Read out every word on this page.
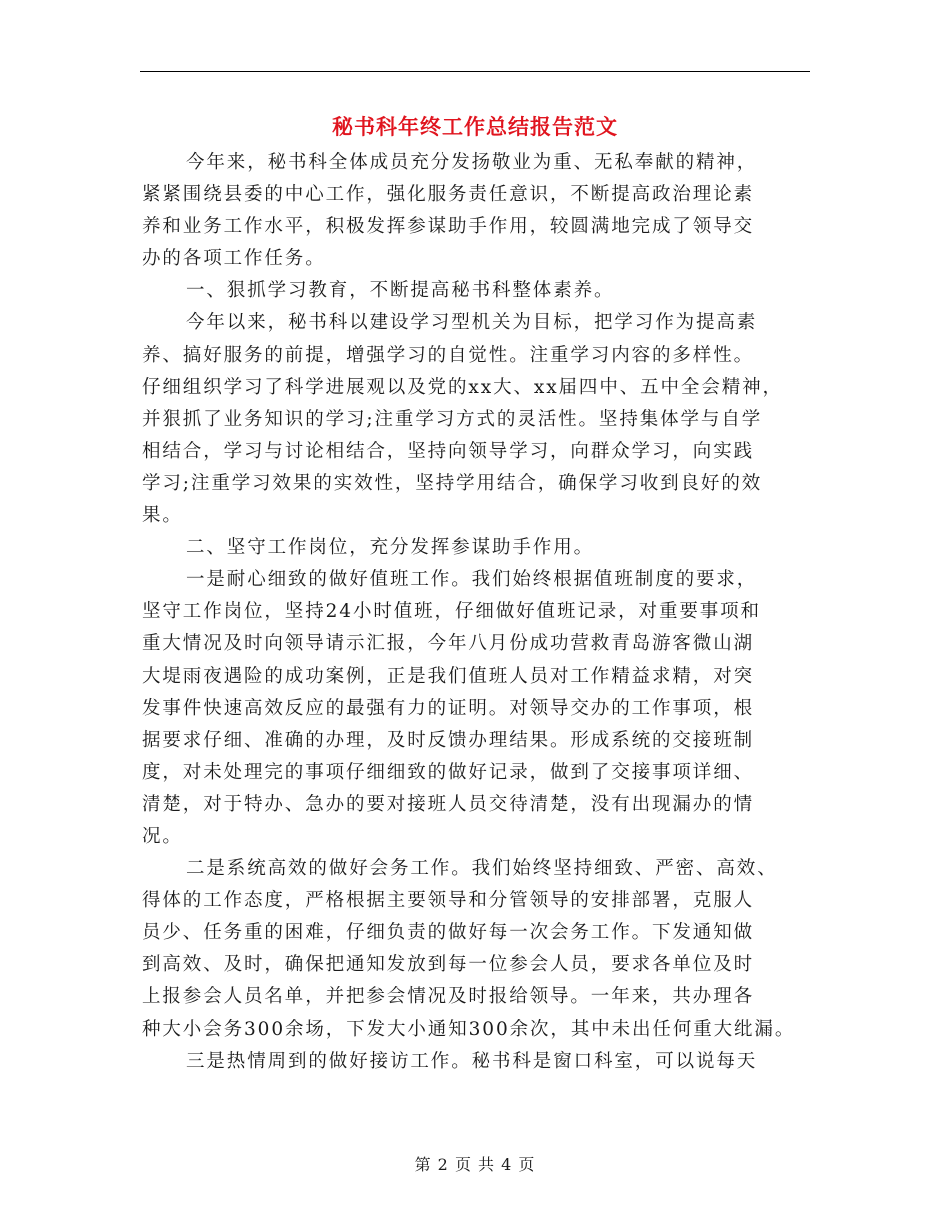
秘书科年终工作总结报告范文
今年来，秘书科全体成员充分发扬敬业为重、无私奉献的精神，
紧紧围绕县委的中心工作，强化服务责任意识，不断提高政治理论素
养和业务工作水平，积极发挥参谋助手作用，较圆满地完成了领导交
办的各项工作任务。
一、狠抓学习教育，不断提高秘书科整体素养。
今年以来，秘书科以建设学习型机关为目标，把学习作为提高素
养、搞好服务的前提，增强学习的自觉性。注重学习内容的多样性。
仔细组织学习了科学进展观以及党的xx大、xx届四中、五中全会精神，
并狠抓了业务知识的学习;注重学习方式的灵活性。坚持集体学与自学
相结合，学习与讨论相结合，坚持向领导学习，向群众学习，向实践
学习;注重学习效果的实效性，坚持学用结合，确保学习收到良好的效
果。
二、坚守工作岗位，充分发挥参谋助手作用。
一是耐心细致的做好值班工作。我们始终根据值班制度的要求，
坚守工作岗位，坚持24小时值班，仔细做好值班记录，对重要事项和
重大情况及时向领导请示汇报，今年八月份成功营救青岛游客微山湖
大堤雨夜遇险的成功案例，正是我们值班人员对工作精益求精，对突
发事件快速高效反应的最强有力的证明。对领导交办的工作事项，根
据要求仔细、准确的办理，及时反馈办理结果。形成系统的交接班制
度，对未处理完的事项仔细细致的做好记录，做到了交接事项详细、
清楚，对于特办、急办的要对接班人员交待清楚，没有出现漏办的情
况。
二是系统高效的做好会务工作。我们始终坚持细致、严密、高效、
得体的工作态度，严格根据主要领导和分管领导的安排部署，克服人
员少、任务重的困难，仔细负责的做好每一次会务工作。下发通知做
到高效、及时，确保把通知发放到每一位参会人员，要求各单位及时
上报参会人员名单，并把参会情况及时报给领导。一年来，共办理各
种大小会务300余场，下发大小通知300余次，其中未出任何重大纰漏。
三是热情周到的做好接访工作。秘书科是窗口科室，可以说每天
第 2 页 共 4 页
